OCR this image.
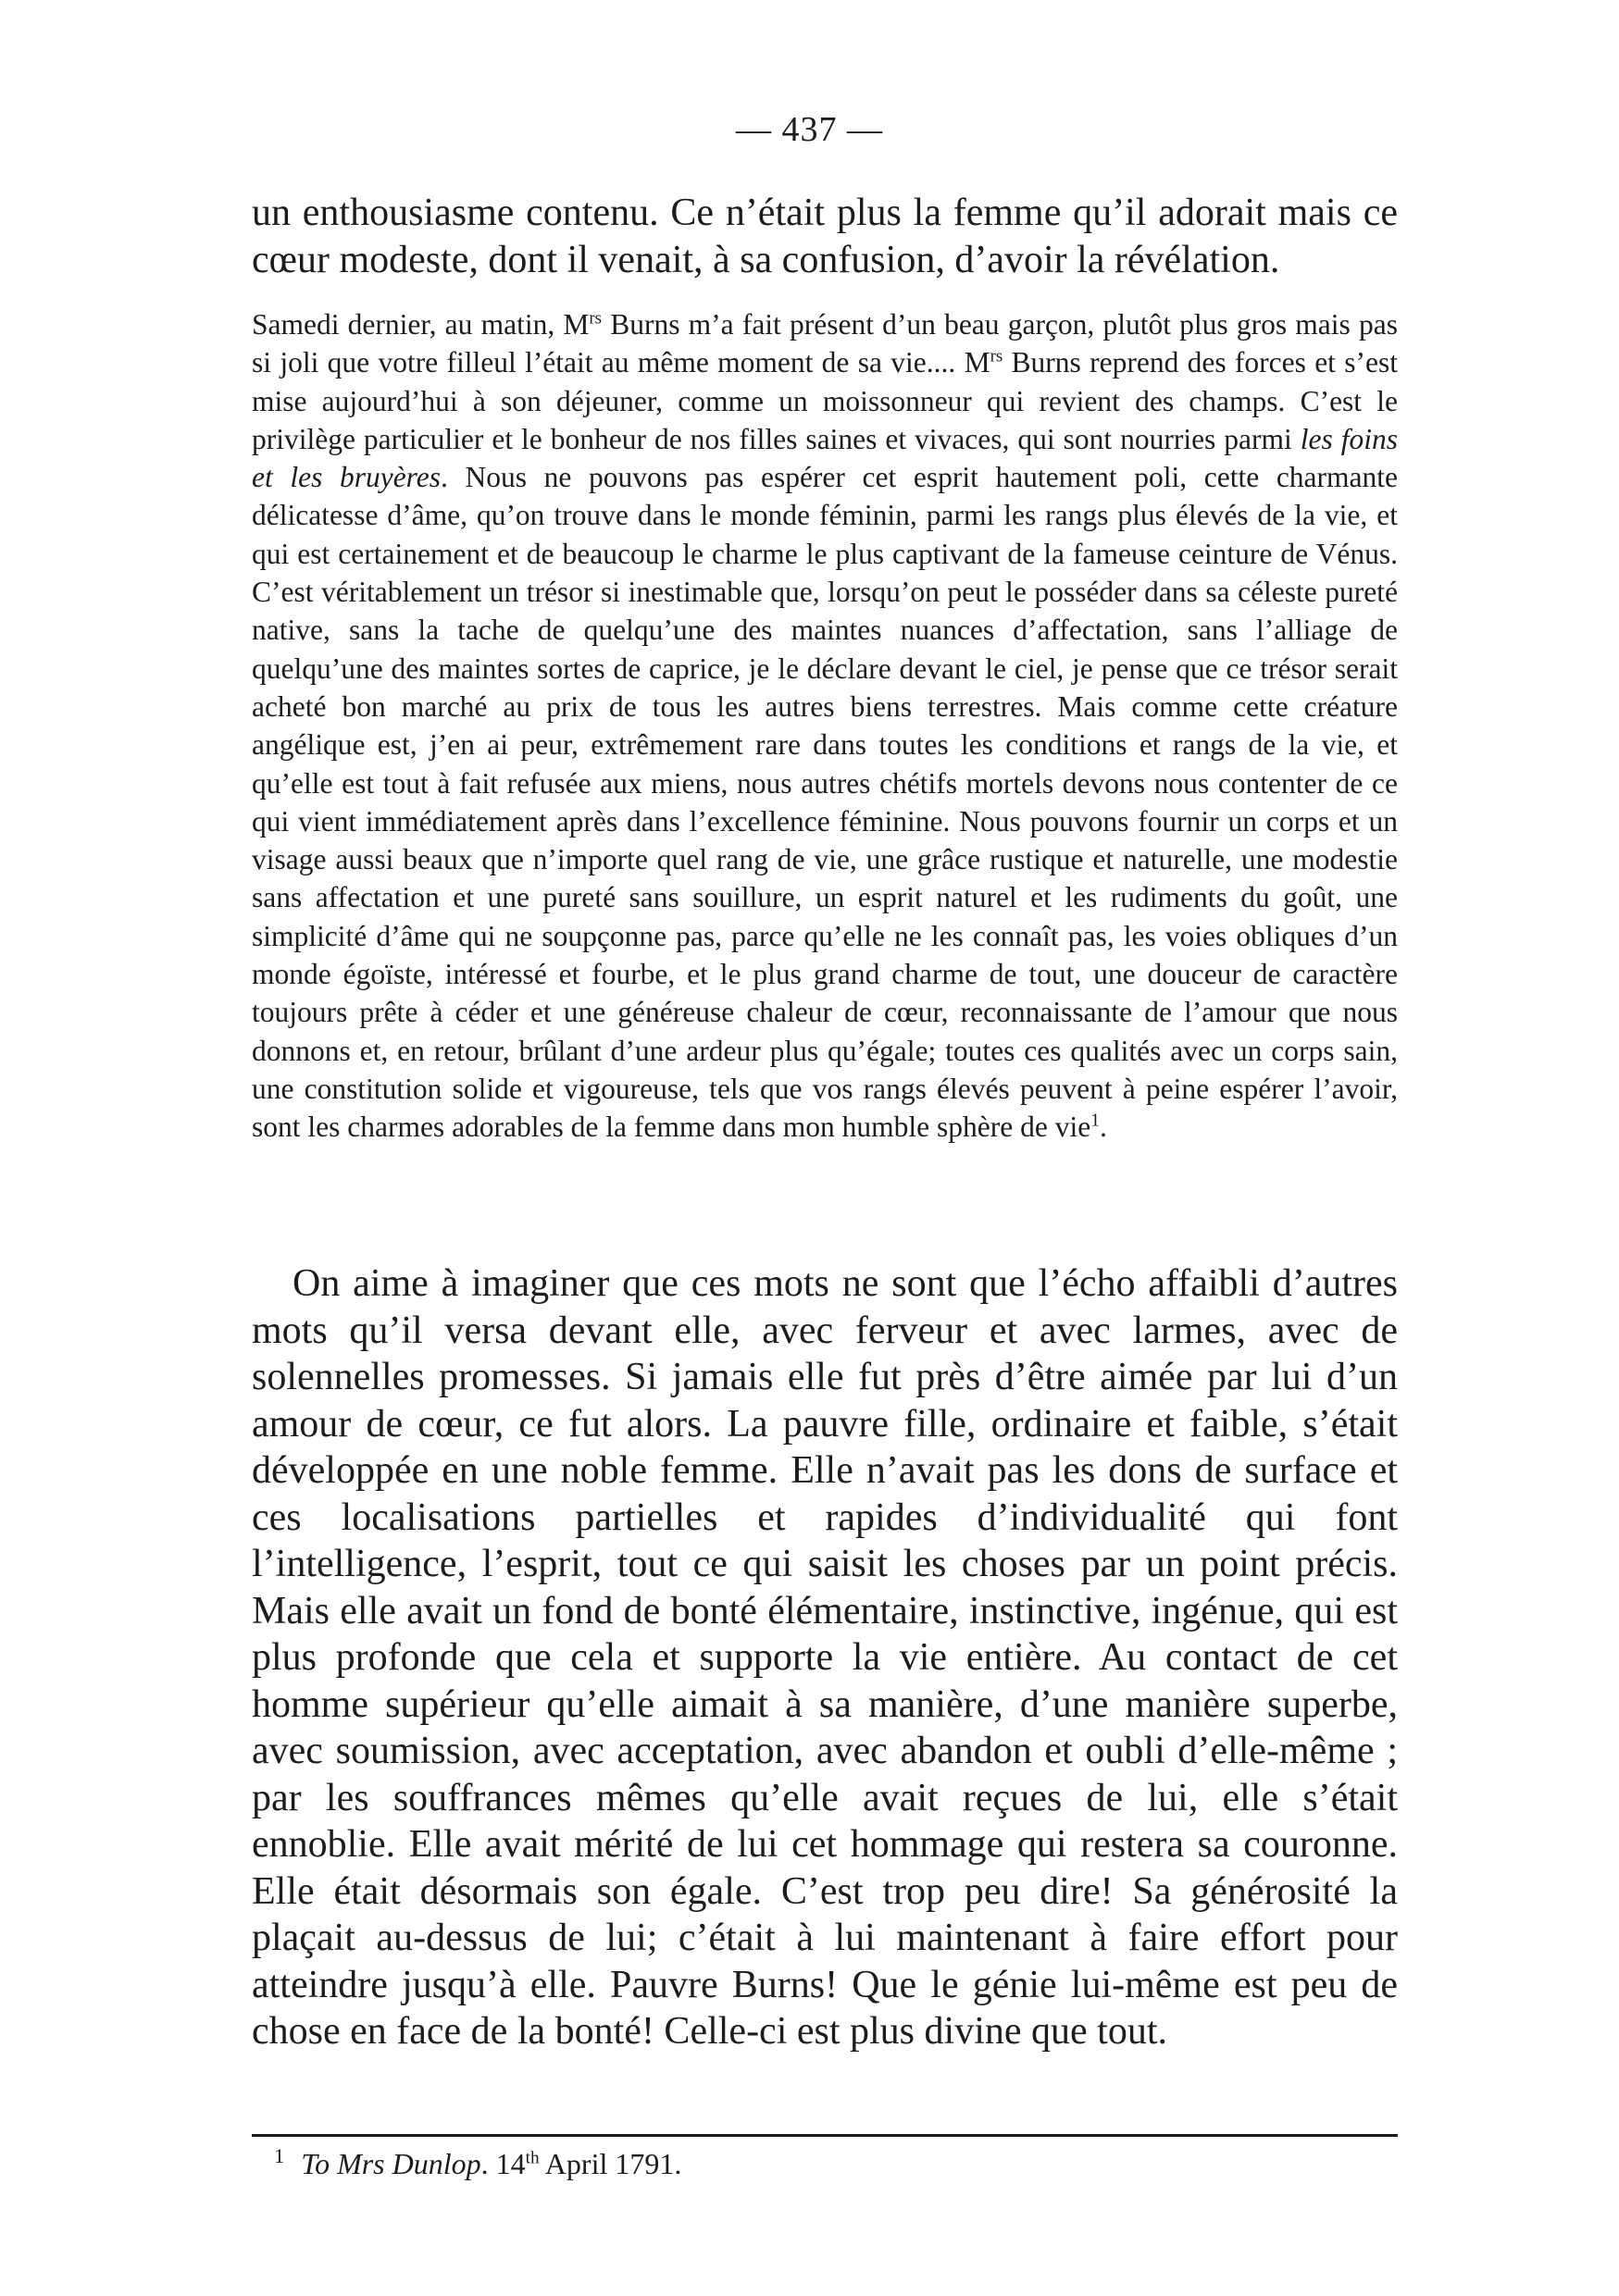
— 437 —

un enthousiasme contenu. Ce n’était plus la femme qu’il adorait mais ce cœur modeste, dont il venait, à sa confusion, d’avoir la révélation.

Samedi dernier, au matin, $M^{rs}$ Burns m’a fait présent d’un beau garçon, plutôt plus gros mais pas si joli que votre filleul l’était au même moment de sa vie.... $M^{rs}$ Burns reprend des forces et s’est mise aujourd’hui à son déjeuner, comme un moissonneur qui revient des champs. C’est le privilège particulier et le bonheur de nos filles saines et vivaces, qui sont nourries parmi les foins et les bruyères. Nous ne pouvons pas espérer cet esprit hautement poli, cette charmante délicatesse d’âme, qu’on trouve dans le monde féminin, parmi les rangs plus élevés de la vie, et qui est certainement et de beaucoup le charme le plus captivant de la fameuse ceinture de Vénus. C’est véritablement un trésor si inestimable que, lorsqu’on peut le posséder dans sa céleste pureté native, sans la tache de quelqu’une des maintes nuances d’affectation, sans l’alliage de quelqu’une des maintes sortes de caprice, je le déclare devant le ciel, je pense que ce trésor serait acheté bon marché au prix de tous les autres biens terrestres. Mais comme cette créature angélique est, j’en ai peur, extrêmement rare dans toutes les conditions et rangs de la vie, et qu’elle est tout à fait refusée aux miens, nous autres chétifs mortels devons nous contenter de ce qui vient immédiatement après dans l’excellence féminine. Nous pouvons fournir un corps et un visage aussi beaux que n’importe quel rang de vie, une grâce rustique et naturelle, une modestie sans affectation et une pureté sans souillure, un esprit naturel et les rudiments du goût, une simplicité d’âme qui ne soupçonne pas, parce qu’elle ne les connaît pas, les voies obliques d’un monde égoïste, intéressé et fourbe, et le plus grand charme de tout, une douceur de caractère toujours prête à céder et une généreuse chaleur de cœur, reconnaissante de l’amour que nous donnons et, en retour, brûlant d’une ardeur plus qu’égale; toutes ces qualités avec un corps sain, une constitution solide et vigoureuse, tels que vos rangs élevés peuvent à peine espérer l’avoir, sont les charmes adorables de la femme dans mon humble sphère de vie$^1$.

On aime à imaginer que ces mots ne sont que l’écho affaibli d’autres mots qu’il versa devant elle, avec ferveur et avec larmes, avec de solennelles promesses. Si jamais elle fut près d’être aimée par lui d’un amour de cœur, ce fut alors. La pauvre fille, ordinaire et faible, s’était développée en une noble femme. Elle n’avait pas les dons de surface et ces localisations partielles et rapides d’individualité qui font l’intelligence, l’esprit, tout ce qui saisit les choses par un point précis. Mais elle avait un fond de bonté élémentaire, instinctive, ingénue, qui est plus profonde que cela et supporte la vie entière. Au contact de cet homme supérieur qu’elle aimait à sa manière, d’une manière superbe, avec soumission, avec acceptation, avec abandon et oubli d’elle-même ; par les souffrances mêmes qu’elle avait reçues de lui, elle s’était ennoblie. Elle avait mérité de lui cet hommage qui restera sa couronne. Elle était désormais son égale. C’est trop peu dire! Sa générosité la plaçait au-dessus de lui; c’était à lui maintenant à faire effort pour atteindre jusqu’à elle. Pauvre Burns! Que le génie lui-même est peu de chose en face de la bonté! Celle-ci est plus divine que tout.

$^1$ To Mrs Dunlop. 14th April 1791.
